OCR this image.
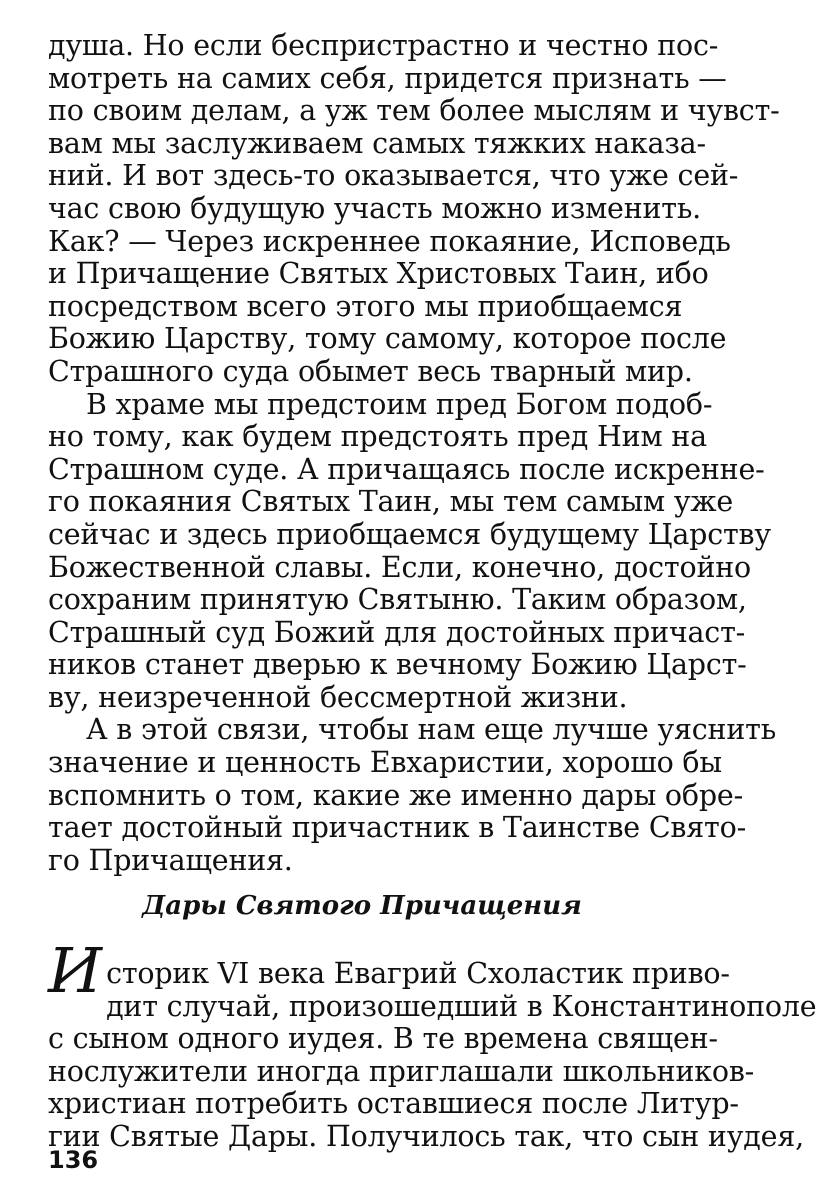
душа. Но если беспристрастно и честно пос-
мотреть на самих себя, придется признать —
по своим делам, а уж тем более мыслям и чувст-
вам мы заслуживаем самых тяжких наказа-
ний. И вот здесь-то оказывается, что уже сей-
час свою будущую участь можно изменить.
Как? — Через искреннее покаяние, Исповедь
и Причащение Святых Христовых Таин, ибо
посредством всего этого мы приобщаемся
Божию Царству, тому самому, которое после
Страшного суда обымет весь тварный мир.
В храме мы предстоим пред Богом подоб-
но тому, как будем предстоять пред Ним на
Страшном суде. А причащаясь после искренне-
го покаяния Святых Таин, мы тем самым уже
сейчас и здесь приобщаемся будущему Царству
Божественной славы. Если, конечно, достойно
сохраним принятую Святыню. Таким образом,
Страшный суд Божий для достойных причаст-
ников станет дверью к вечному Божию Царст-
ву, неизреченной бессмертной жизни.
А в этой связи, чтобы нам еще лучше уяснить
значение и ценность Евхаристии, хорошо бы
вспомнить о том, какие же именно дары обре-
тает достойный причастник в Таинстве Свято-
го Причащения.
Дары Святого Причащения
И сторик VI века Евагрий Схоластик приво-
дит случай, произошедший в Константинополе
с сыном одного иудея. В те времена священ-
нослужители иногда приглашали школьников-
христиан потребить оставшиеся после Литур-
гии Святые Дары. Получилось так, что сын иудея,
136
